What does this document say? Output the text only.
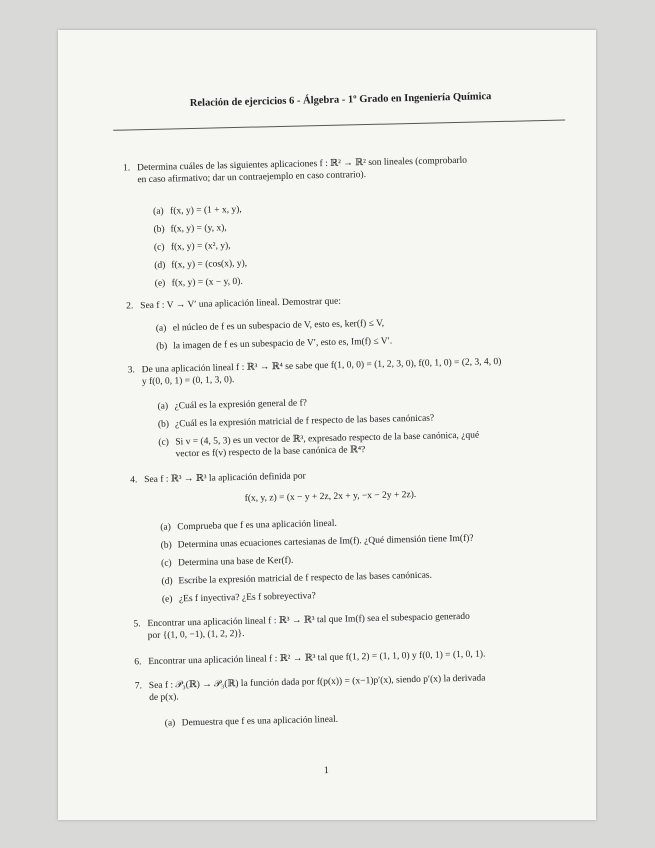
Relación de ejercicios 6 - Álgebra - 1º Grado en Ingeniería Química
1. Determina cuáles de las siguientes aplicaciones f : ℝ² → ℝ² son lineales (comprobarlo
en caso afirmativo; dar un contraejemplo en caso contrario).
(a) f(x, y) = (1 + x, y),
(b) f(x, y) = (y, x),
(c) f(x, y) = (x², y),
(d) f(x, y) = (cos(x), y),
(e) f(x, y) = (x − y, 0).
2. Sea f : V → V′ una aplicación lineal. Demostrar que:
(a) el núcleo de f es un subespacio de V, esto es, ker(f) ≤ V,
(b) la imagen de f es un subespacio de V′, esto es, Im(f) ≤ V′.
3. De una aplicación lineal f : ℝ³ → ℝ⁴ se sabe que f(1, 0, 0) = (1, 2, 3, 0), f(0, 1, 0) = (2, 3, 4, 0)
y f(0, 0, 1) = (0, 1, 3, 0).
(a) ¿Cuál es la expresión general de f?
(b) ¿Cuál es la expresión matricial de f respecto de las bases canónicas?
(c) Si v = (4, 5, 3) es un vector de ℝ³, expresado respecto de la base canónica, ¿qué
vector es f(v) respecto de la base canónica de ℝ⁴?
4. Sea f : ℝ³ → ℝ³ la aplicación definida por
f(x, y, z) = (x − y + 2z, 2x + y, −x − 2y + 2z).
(a) Comprueba que f es una aplicación lineal.
(b) Determina unas ecuaciones cartesianas de Im(f). ¿Qué dimensión tiene Im(f)?
(c) Determina una base de Ker(f).
(d) Escribe la expresión matricial de f respecto de las bases canónicas.
(e) ¿Es f inyectiva? ¿Es f sobreyectiva?
5. Encontrar una aplicación lineal f : ℝ³ → ℝ³ tal que Im(f) sea el subespacio generado
por {(1, 0, −1), (1, 2, 2)}.
6. Encontrar una aplicación lineal f : ℝ² → ℝ³ tal que f(1, 2) = (1, 1, 0) y f(0, 1) = (1, 0, 1).
7. Sea f : 𝒫₃(ℝ) → 𝒫₃(ℝ) la función dada por f(p(x)) = (x−1)p′(x), siendo p′(x) la derivada
de p(x).
(a) Demuestra que f es una aplicación lineal.
1
